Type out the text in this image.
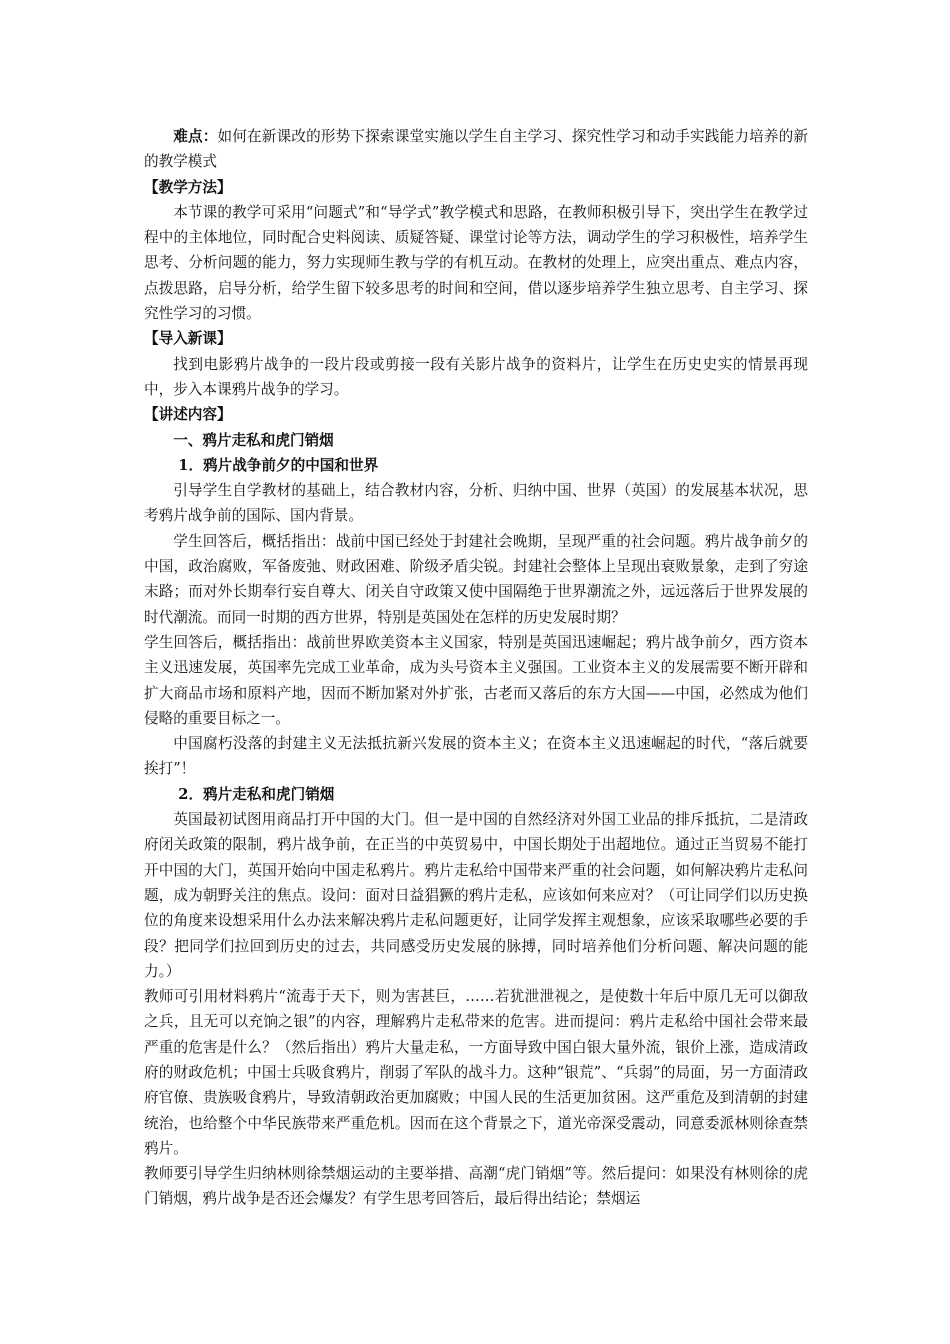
难点：如何在新课改的形势下探索课堂实施以学生自主学习、探究性学习和动手实践能力培养的新的教学模式

【教学方法】

本节课的教学可采用“问题式”和“导学式”教学模式和思路，在教师积极引导下，突出学生在教学过程中的主体地位，同时配合史料阅读、质疑答疑、课堂讨论等方法，调动学生的学习积极性，培养学生思考、分析问题的能力，努力实现师生教与学的有机互动。在教材的处理上，应突出重点、难点内容，点拨思路，启导分析，给学生留下较多思考的时间和空间，借以逐步培养学生独立思考、自主学习、探究性学习的习惯。

【导入新课】

找到电影鸦片战争的一段片段或剪接一段有关影片战争的资料片，让学生在历史史实的情景再现中，步入本课鸦片战争的学习。

【讲述内容】

一、鸦片走私和虎门销烟

1．鸦片战争前夕的中国和世界

引导学生自学教材的基础上，结合教材内容，分析、归纳中国、世界（英国）的发展基本状况，思考鸦片战争前的国际、国内背景。

学生回答后，概括指出：战前中国已经处于封建社会晚期，呈现严重的社会问题。鸦片战争前夕的中国，政治腐败，军备废弛、财政困难、阶级矛盾尖锐。封建社会整体上呈现出衰败景象，走到了穷途末路；而对外长期奉行妄自尊大、闭关自守政策又使中国隔绝于世界潮流之外，远远落后于世界发展的时代潮流。而同一时期的西方世界，特别是英国处在怎样的历史发展时期？

学生回答后，概括指出：战前世界欧美资本主义国家，特别是英国迅速崛起；鸦片战争前夕，西方资本主义迅速发展，英国率先完成工业革命，成为头号资本主义强国。工业资本主义的发展需要不断开辟和扩大商品市场和原料产地，因而不断加紧对外扩张，古老而又落后的东方大国——中国，必然成为他们侵略的重要目标之一。

中国腐朽没落的封建主义无法抵抗新兴发展的资本主义；在资本主义迅速崛起的时代，“落后就要挨打”！

2．鸦片走私和虎门销烟

英国最初试图用商品打开中国的大门。但一是中国的自然经济对外国工业品的排斥抵抗，二是清政府闭关政策的限制，鸦片战争前，在正当的中英贸易中，中国长期处于出超地位。通过正当贸易不能打开中国的大门，英国开始向中国走私鸦片。鸦片走私给中国带来严重的社会问题，如何解决鸦片走私问题，成为朝野关注的焦点。设问：面对日益猖獗的鸦片走私，应该如何来应对？（可让同学们以历史换位的角度来设想采用什么办法来解决鸦片走私问题更好，让同学发挥主观想象，应该采取哪些必要的手段？把同学们拉回到历史的过去，共同感受历史发展的脉搏，同时培养他们分析问题、解决问题的能力。）

教师可引用材料鸦片“流毒于天下，则为害甚巨，……若犹泄泄视之，是使数十年后中原几无可以御敌之兵，且无可以充饷之银”的内容，理解鸦片走私带来的危害。进而提问：鸦片走私给中国社会带来最严重的危害是什么？（然后指出）鸦片大量走私，一方面导致中国白银大量外流，银价上涨，造成清政府的财政危机；中国士兵吸食鸦片，削弱了军队的战斗力。这种“银荒”、“兵弱”的局面，另一方面清政府官僚、贵族吸食鸦片，导致清朝政治更加腐败；中国人民的生活更加贫困。这严重危及到清朝的封建统治，也给整个中华民族带来严重危机。因而在这个背景之下，道光帝深受震动，同意委派林则徐查禁鸦片。

教师要引导学生归纳林则徐禁烟运动的主要举措、高潮“虎门销烟”等。然后提问：如果没有林则徐的虎门销烟，鸦片战争是否还会爆发？有学生思考回答后，最后得出结论；禁烟运
